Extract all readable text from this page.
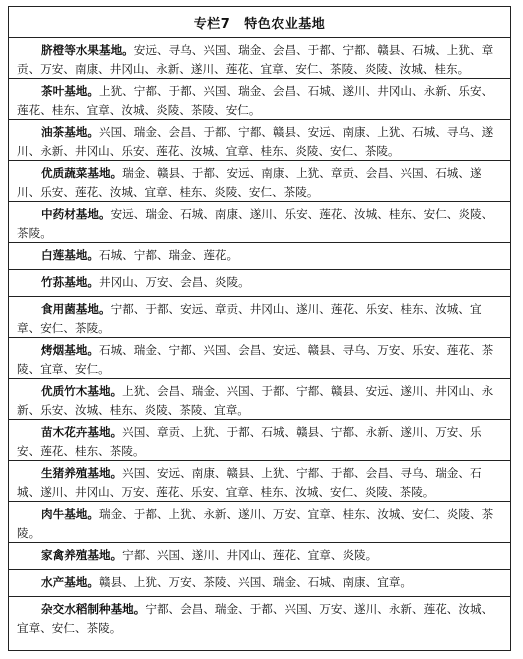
专栏7 特色农业基地
脐橙等水果基地。安远、寻乌、兴国、瑞金、会昌、于都、宁都、赣县、石城、上犹、章贡、万安、南康、井冈山、永新、遂川、莲花、宜章、安仁、茶陵、炎陵、汝城、桂东。
茶叶基地。上犹、宁都、于都、兴国、瑞金、会昌、石城、遂川、井冈山、永新、乐安、莲花、桂东、宜章、汝城、炎陵、茶陵、安仁。
油茶基地。兴国、瑞金、会昌、于都、宁都、赣县、安远、南康、上犹、石城、寻乌、遂川、永新、井冈山、乐安、莲花、汝城、宜章、桂东、炎陵、安仁、茶陵。
优质蔬菜基地。瑞金、赣县、于都、安远、南康、上犹、章贡、会昌、兴国、石城、遂川、乐安、莲花、汝城、宜章、桂东、炎陵、安仁、茶陵。
中药材基地。安远、瑞金、石城、南康、遂川、乐安、莲花、汝城、桂东、安仁、炎陵、茶陵。
白莲基地。石城、宁都、瑞金、莲花。
竹荪基地。井冈山、万安、会昌、炎陵。
食用菌基地。宁都、于都、安远、章贡、井冈山、遂川、莲花、乐安、桂东、汝城、宜章、安仁、茶陵。
烤烟基地。石城、瑞金、宁都、兴国、会昌、安远、赣县、寻乌、万安、乐安、莲花、茶陵、宜章、安仁。
优质竹木基地。上犹、会昌、瑞金、兴国、于都、宁都、赣县、安远、遂川、井冈山、永新、乐安、汝城、桂东、炎陵、茶陵、宜章。
苗木花卉基地。兴国、章贡、上犹、于都、石城、赣县、宁都、永新、遂川、万安、乐安、莲花、桂东、茶陵。
生猪养殖基地。兴国、安远、南康、赣县、上犹、宁都、于都、会昌、寻乌、瑞金、石城、遂川、井冈山、万安、莲花、乐安、宜章、桂东、汝城、安仁、炎陵、茶陵。
肉牛基地。瑞金、于都、上犹、永新、遂川、万安、宜章、桂东、汝城、安仁、炎陵、茶陵。
家禽养殖基地。宁都、兴国、遂川、井冈山、莲花、宜章、炎陵。
水产基地。赣县、上犹、万安、茶陵、兴国、瑞金、石城、南康、宜章。
杂交水稻制种基地。宁都、会昌、瑞金、于都、兴国、万安、遂川、永新、莲花、汝城、宜章、安仁、茶陵。
